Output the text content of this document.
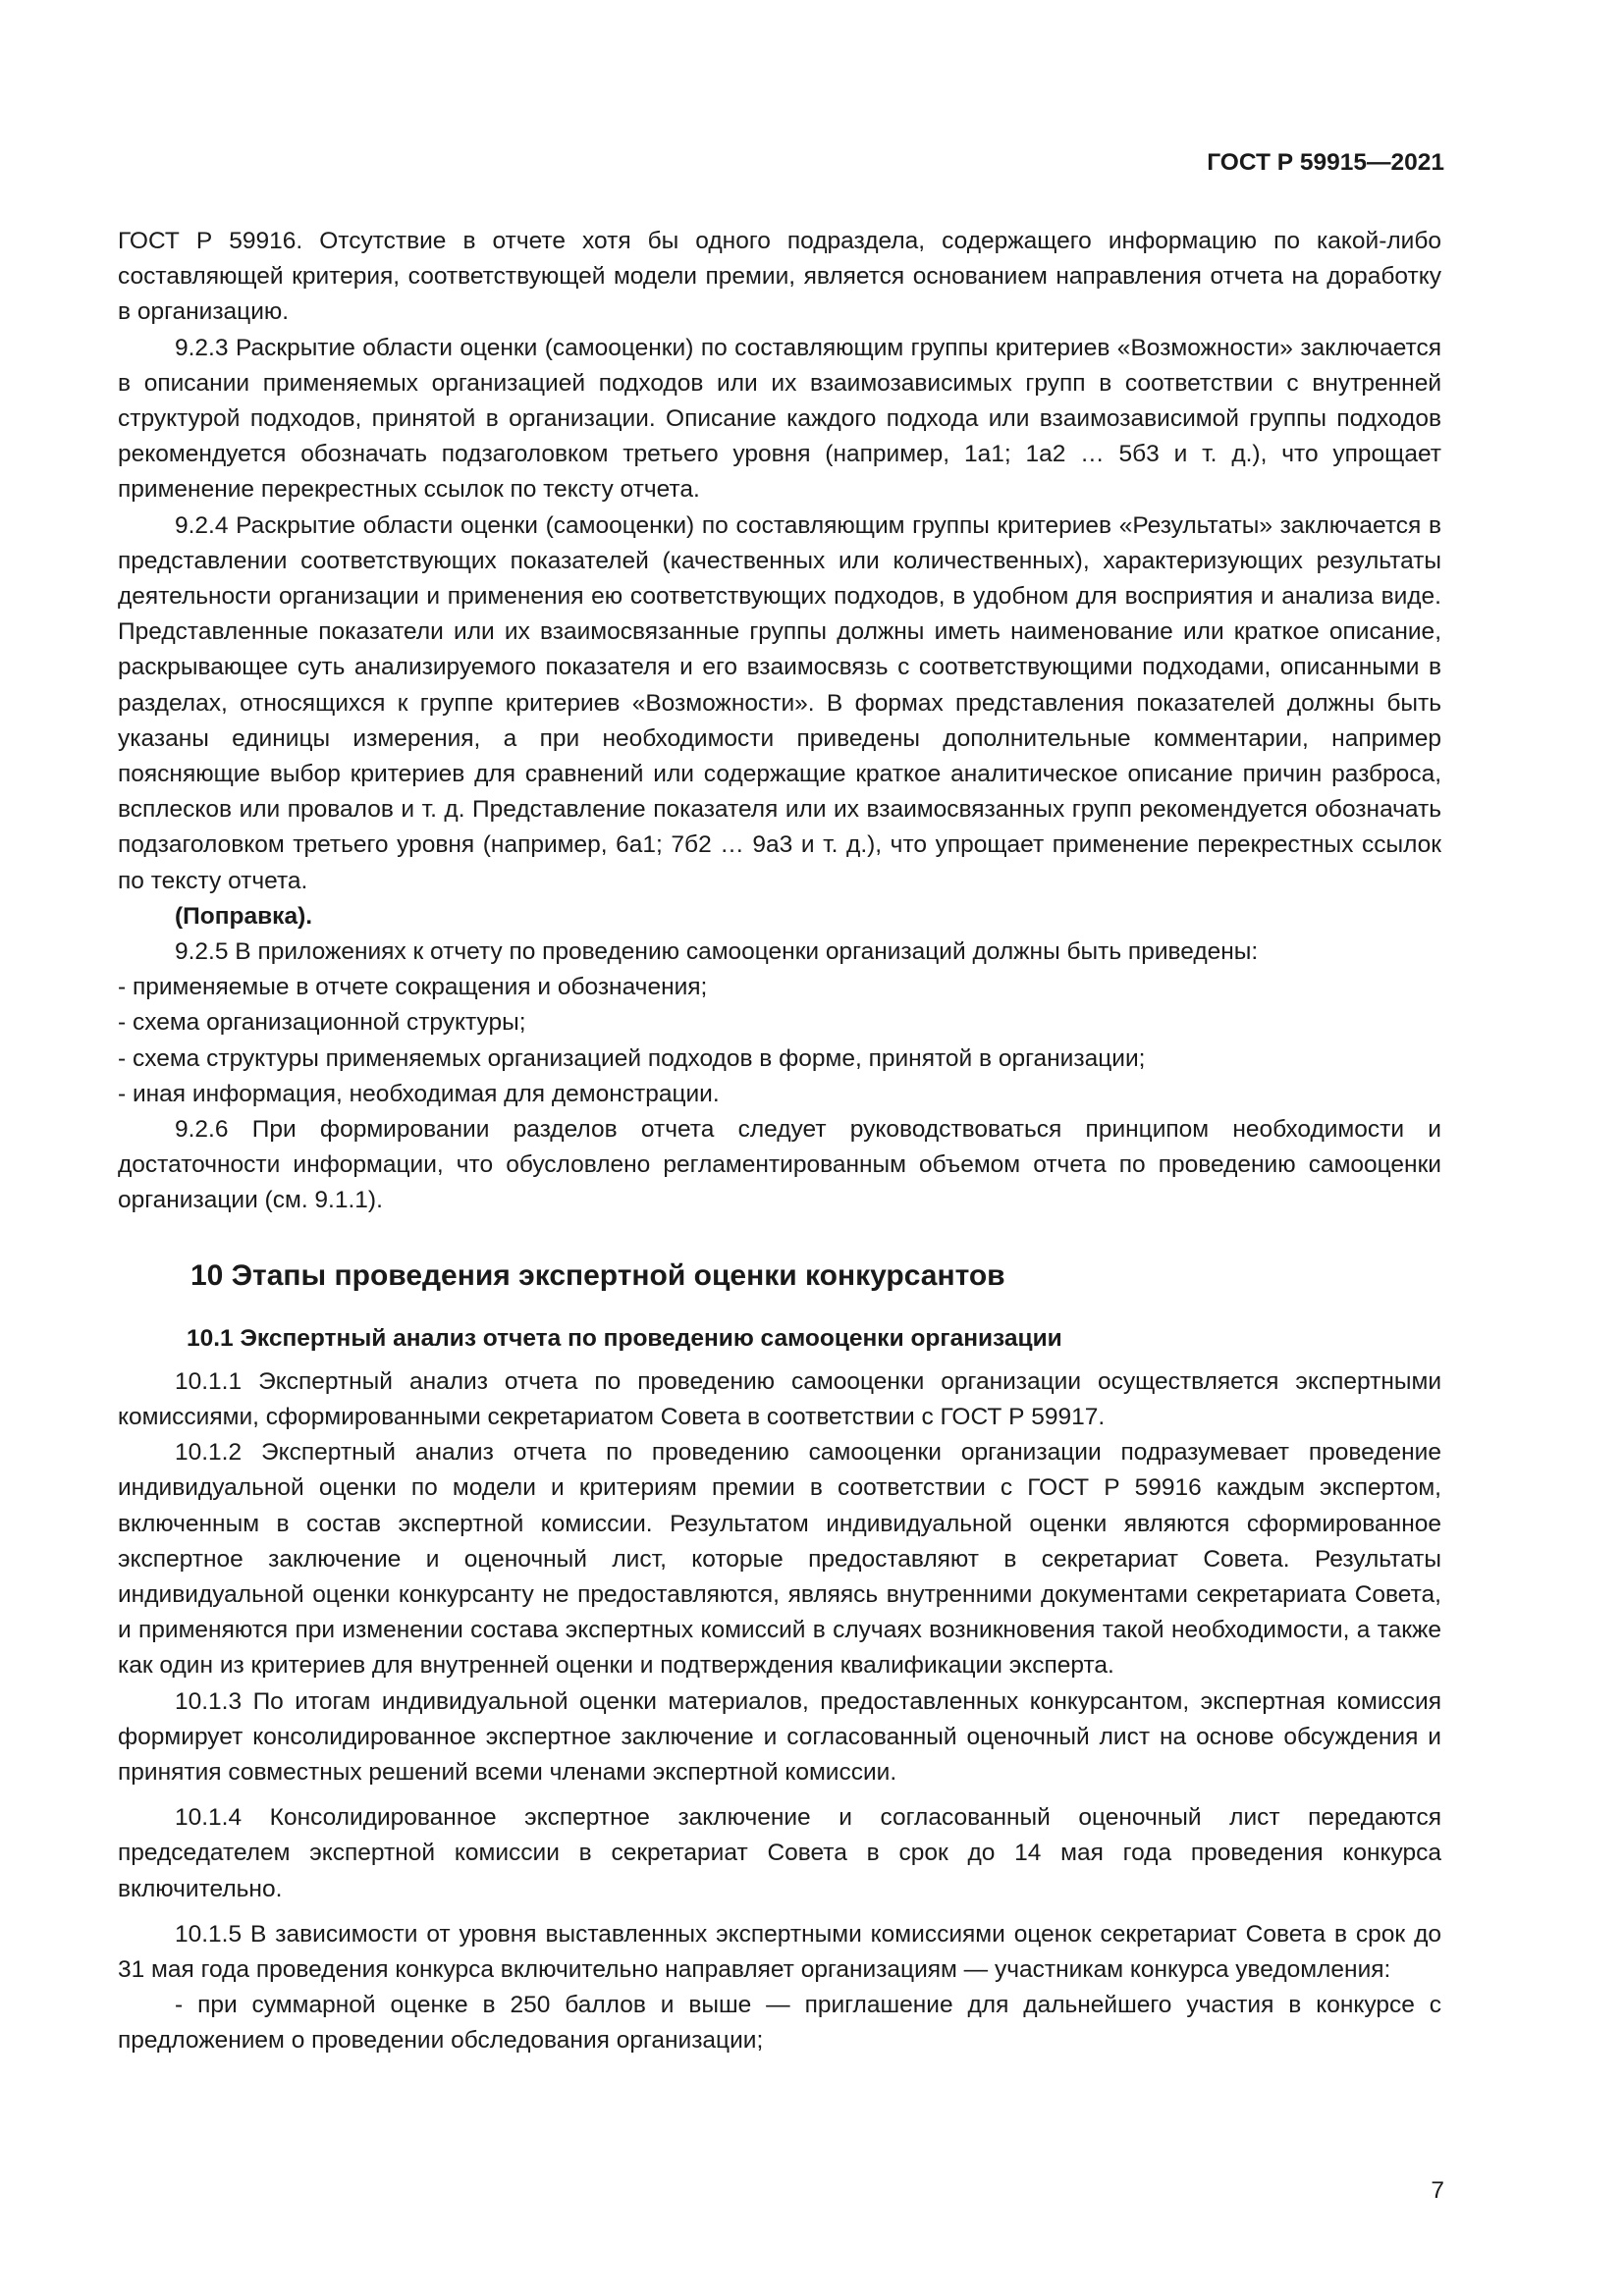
ГОСТ Р 59915—2021

ГОСТ Р 59916. Отсутствие в отчете хотя бы одного подраздела, содержащего информацию по какой-либо составляющей критерия, соответствующей модели премии, является основанием направления отчета на доработку в организацию.

9.2.3 Раскрытие области оценки (самооценки) по составляющим группы критериев «Возможности» заключается в описании применяемых организацией подходов или их взаимозависимых групп в соответствии с внутренней структурой подходов, принятой в организации. Описание каждого подхода или взаимозависимой группы подходов рекомендуется обозначать подзаголовком третьего уровня (например, 1а1; 1а2 … 5б3 и т. д.), что упрощает применение перекрестных ссылок по тексту отчета.

9.2.4 Раскрытие области оценки (самооценки) по составляющим группы критериев «Результаты» заключается в представлении соответствующих показателей (качественных или количественных), характеризующих результаты деятельности организации и применения ею соответствующих подходов, в удобном для восприятия и анализа виде. Представленные показатели или их взаимосвязанные группы должны иметь наименование или краткое описание, раскрывающее суть анализируемого показателя и его взаимосвязь с соответствующими подходами, описанными в разделах, относящихся к группе критериев «Возможности». В формах представления показателей должны быть указаны единицы измерения, а при необходимости приведены дополнительные комментарии, например поясняющие выбор критериев для сравнений или содержащие краткое аналитическое описание причин разброса, всплесков или провалов и т. д. Представление показателя или их взаимосвязанных групп рекомендуется обозначать подзаголовком третьего уровня (например, 6а1; 7б2 … 9а3 и т. д.), что упрощает применение перекрестных ссылок по тексту отчета.

(Поправка).

9.2.5 В приложениях к отчету по проведению самооценки организаций должны быть приведены:

- применяемые в отчете сокращения и обозначения;

- схема организационной структуры;

- схема структуры применяемых организацией подходов в форме, принятой в организации;

- иная информация, необходимая для демонстрации.

9.2.6 При формировании разделов отчета следует руководствоваться принципом необходимости и достаточности информации, что обусловлено регламентированным объемом отчета по проведению самооценки организации (см. 9.1.1).

10 Этапы проведения экспертной оценки конкурсантов
10.1 Экспертный анализ отчета по проведению самооценки организации

10.1.1 Экспертный анализ отчета по проведению самооценки организации осуществляется экспертными комиссиями, сформированными секретариатом Совета в соответствии с ГОСТ Р 59917.

10.1.2 Экспертный анализ отчета по проведению самооценки организации подразумевает проведение индивидуальной оценки по модели и критериям премии в соответствии с ГОСТ Р 59916 каждым экспертом, включенным в состав экспертной комиссии. Результатом индивидуальной оценки являются сформированное экспертное заключение и оценочный лист, которые предоставляют в секретариат Совета. Результаты индивидуальной оценки конкурсанту не предоставляются, являясь внутренними документами секретариата Совета, и применяются при изменении состава экспертных комиссий в случаях возникновения такой необходимости, а также как один из критериев для внутренней оценки и подтверждения квалификации эксперта.

10.1.3 По итогам индивидуальной оценки материалов, предоставленных конкурсантом, экспертная комиссия формирует консолидированное экспертное заключение и согласованный оценочный лист на основе обсуждения и принятия совместных решений всеми членами экспертной комиссии.

10.1.4 Консолидированное экспертное заключение и согласованный оценочный лист передаются председателем экспертной комиссии в секретариат Совета в срок до 14 мая года проведения конкурса включительно.

10.1.5 В зависимости от уровня выставленных экспертными комиссиями оценок секретариат Совета в срок до 31 мая года проведения конкурса включительно направляет организациям — участникам конкурса уведомления:

- при суммарной оценке в 250 баллов и выше — приглашение для дальнейшего участия в конкурсе с предложением о проведении обследования организации;

7
